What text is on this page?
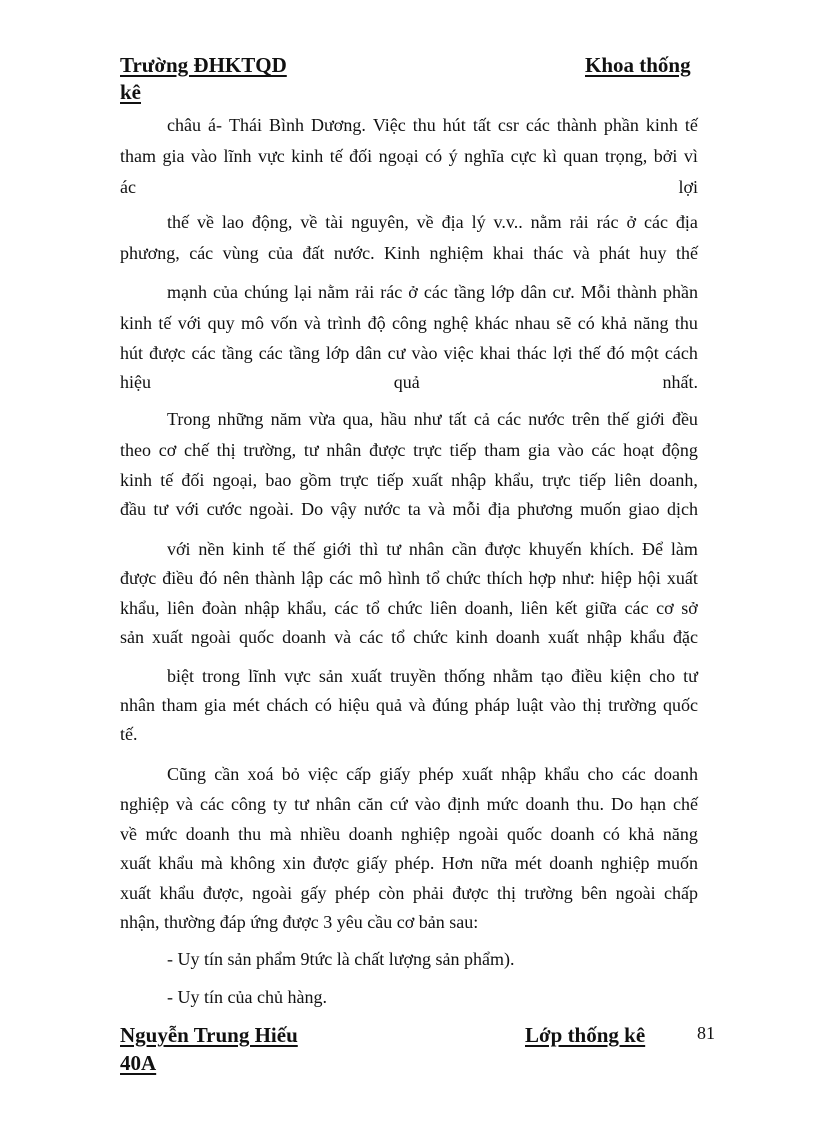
Trường ĐHKTQD	Khoa thống
kê
châu á- Thái Bình Dương. Việc thu hút tất csr các thành phần kinh tế
tham gia vào lĩnh vực kinh tế đối ngoại có ý nghĩa cực kì quan trọng, bởi vì
ác	lợi
thế về lao động, về tài nguyên, về địa lý v.v.. nằm rải rác ở các địa
phương, các vùng của đất nước. Kinh nghiệm khai thác và phát huy thế
mạnh của chúng lại nằm rải rác ở các tầng lớp dân cư. Mỗi thành phần
kinh tế với quy mô vốn và trình độ công nghệ khác nhau sẽ có khả năng thu
hút được các tầng các tầng lớp dân cư vào việc khai thác lợi thế đó một cách
hiệu	quả	nhất.
Trong những năm vừa qua, hầu như tất cả các nước trên thế giới đều
theo cơ chế thị trường, tư nhân được trực tiếp tham gia vào các hoạt động
kinh tế đối ngoại, bao gồm trực tiếp xuất nhập khẩu, trực tiếp liên doanh,
đầu tư với cước ngoài. Do vậy nước ta và mỗi địa phương muốn giao dịch
với nền kinh tế thế giới thì tư nhân cần được khuyến khích. Để làm
được điều đó nên thành lập các mô hình tổ chức thích hợp như: hiệp hội xuất
khẩu, liên đoàn nhập khẩu, các tổ chức liên doanh, liên kết giữa các cơ sở
sản xuất ngoài quốc doanh và các tổ chức kinh doanh xuất nhập khẩu đặc
biệt trong lĩnh vực sản xuất truyền thống nhằm tạo điều kiện cho tư
nhân tham gia mét chách có hiệu quả và đúng pháp luật vào thị trường quốc
tế.
Cũng cần xoá bỏ việc cấp giấy phép xuất nhập khẩu cho các doanh
nghiệp và các công ty tư nhân căn cứ vào định mức doanh thu. Do hạn chế
về mức doanh thu mà nhiều doanh nghiệp ngoài quốc doanh có khả năng
xuất khẩu mà không xin được giấy phép. Hơn nữa mét doanh nghiệp muốn
xuất khẩu được, ngoài gấy phép còn phải được thị trường bên ngoài chấp
nhận, thường đáp ứng được 3 yêu cầu cơ bản sau:
- Uy tín sản phẩm 9tức là chất lượng sản phẩm).
- Uy tín của chủ hàng.
Nguyễn Trung Hiếu	Lớp thống kê
40A
81
